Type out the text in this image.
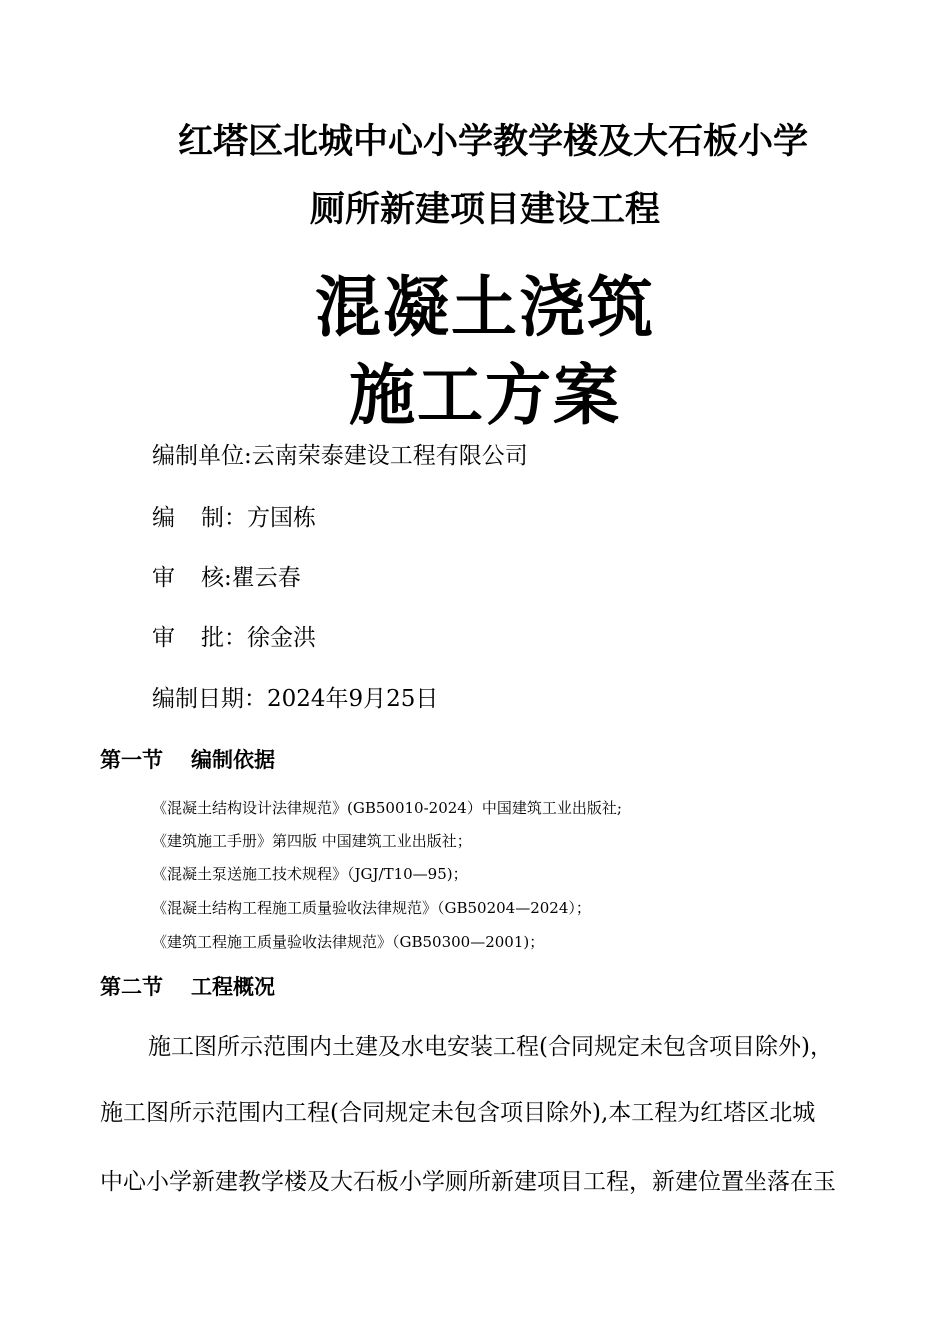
红塔区北城中心小学教学楼及大石板小学
厕所新建项目建设工程
混凝土浇筑
施工方案
编制单位:云南荣泰建设工程有限公司
编 制 ：方国栋
审 核 :瞿云春
审 批 ：徐金洪
编制日期：2024年9月25日
第一节 编制依据
《混凝土结构设计法律规范》(GB50010-2024）中国建筑工业出版社;
《建筑施工手册》第四版 中国建筑工业出版社；
《混凝土泵送施工技术规程》（JGJ/T10—95)；
《混凝土结构工程施工质量验收法律规范》（GB50204—2024）；
《建筑工程施工质量验收法律规范》（GB50300—2001)；
第二节 工程概况
施工图所示范围内土建及水电安装工程(合同规定未包含项目除外)，
施工图所示范围内工程(合同规定未包含项目除外),本工程为红塔区北城
中心小学新建教学楼及大石板小学厕所新建项目工程，新建位置坐落在玉
